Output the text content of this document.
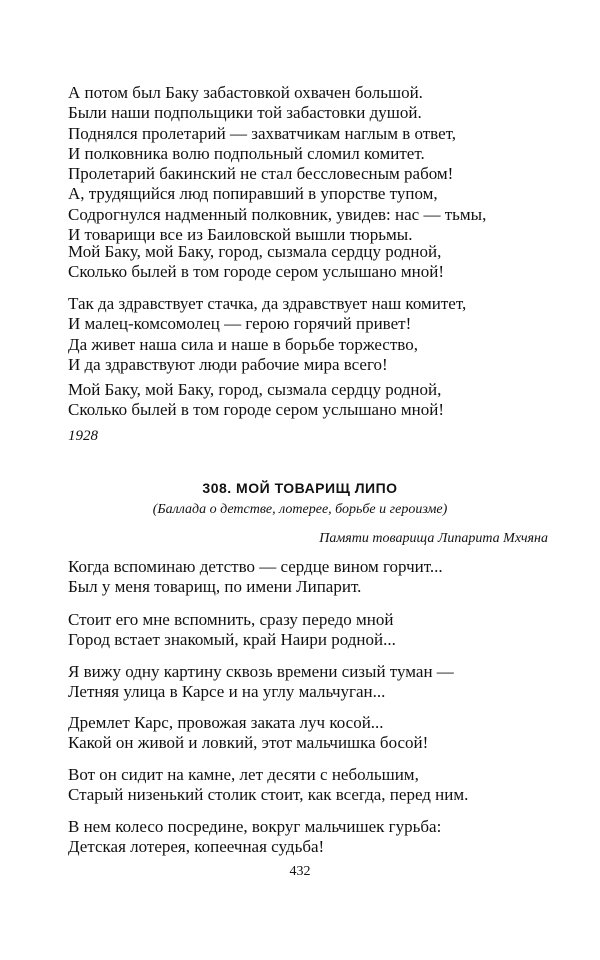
А потом был Баку забастовкой охвачен большой.
Были наши подпольщики той забастовки душой.
Поднялся пролетарий — захватчикам наглым в ответ,
И полковника волю подпольный сломил комитет.
Пролетарий бакинский не стал бессловесным рабом!
А, трудящийся люд попиравший в упорстве тупом,
Содрогнулся надменный полковник, увидев: нас — тьмы,
И товарищи все из Баиловской вышли тюрьмы.
Мой Баку, мой Баку, город, сызмала сердцу родной,
Сколько былей в том городе сером услышано мной!
Так да здравствует стачка, да здравствует наш комитет,
И малец-комсомолец — герою горячий привет!
Да живет наша сила и наше в борьбе торжество,
И да здравствуют люди рабочие мира всего!
Мой Баку, мой Баку, город, сызмала сердцу родной,
Сколько былей в том городе сером услышано мной!
1928
308. МОЙ ТОВАРИЩ ЛИПО
(Баллада о детстве, лотерее, борьбе и героизме)
Памяти товарища Липарита Мхчяна
Когда вспоминаю детство — сердце вином горчит...
Был у меня товарищ, по имени Липарит.
Стоит его мне вспомнить, сразу передо мной
Город встает знакомый, край Наири родной...
Я вижу одну картину сквозь времени сизый туман —
Летняя улица в Карсе и на углу мальчуган...
Дремлет Карс, провожая заката луч косой...
Какой он живой и ловкий, этот мальчишка босой!
Вот он сидит на камне, лет десяти с небольшим,
Старый низенький столик стоит, как всегда, перед ним.
В нем колесо посредине, вокруг мальчишек гурьба:
Детская лотерея, копеечная судьба!
432
